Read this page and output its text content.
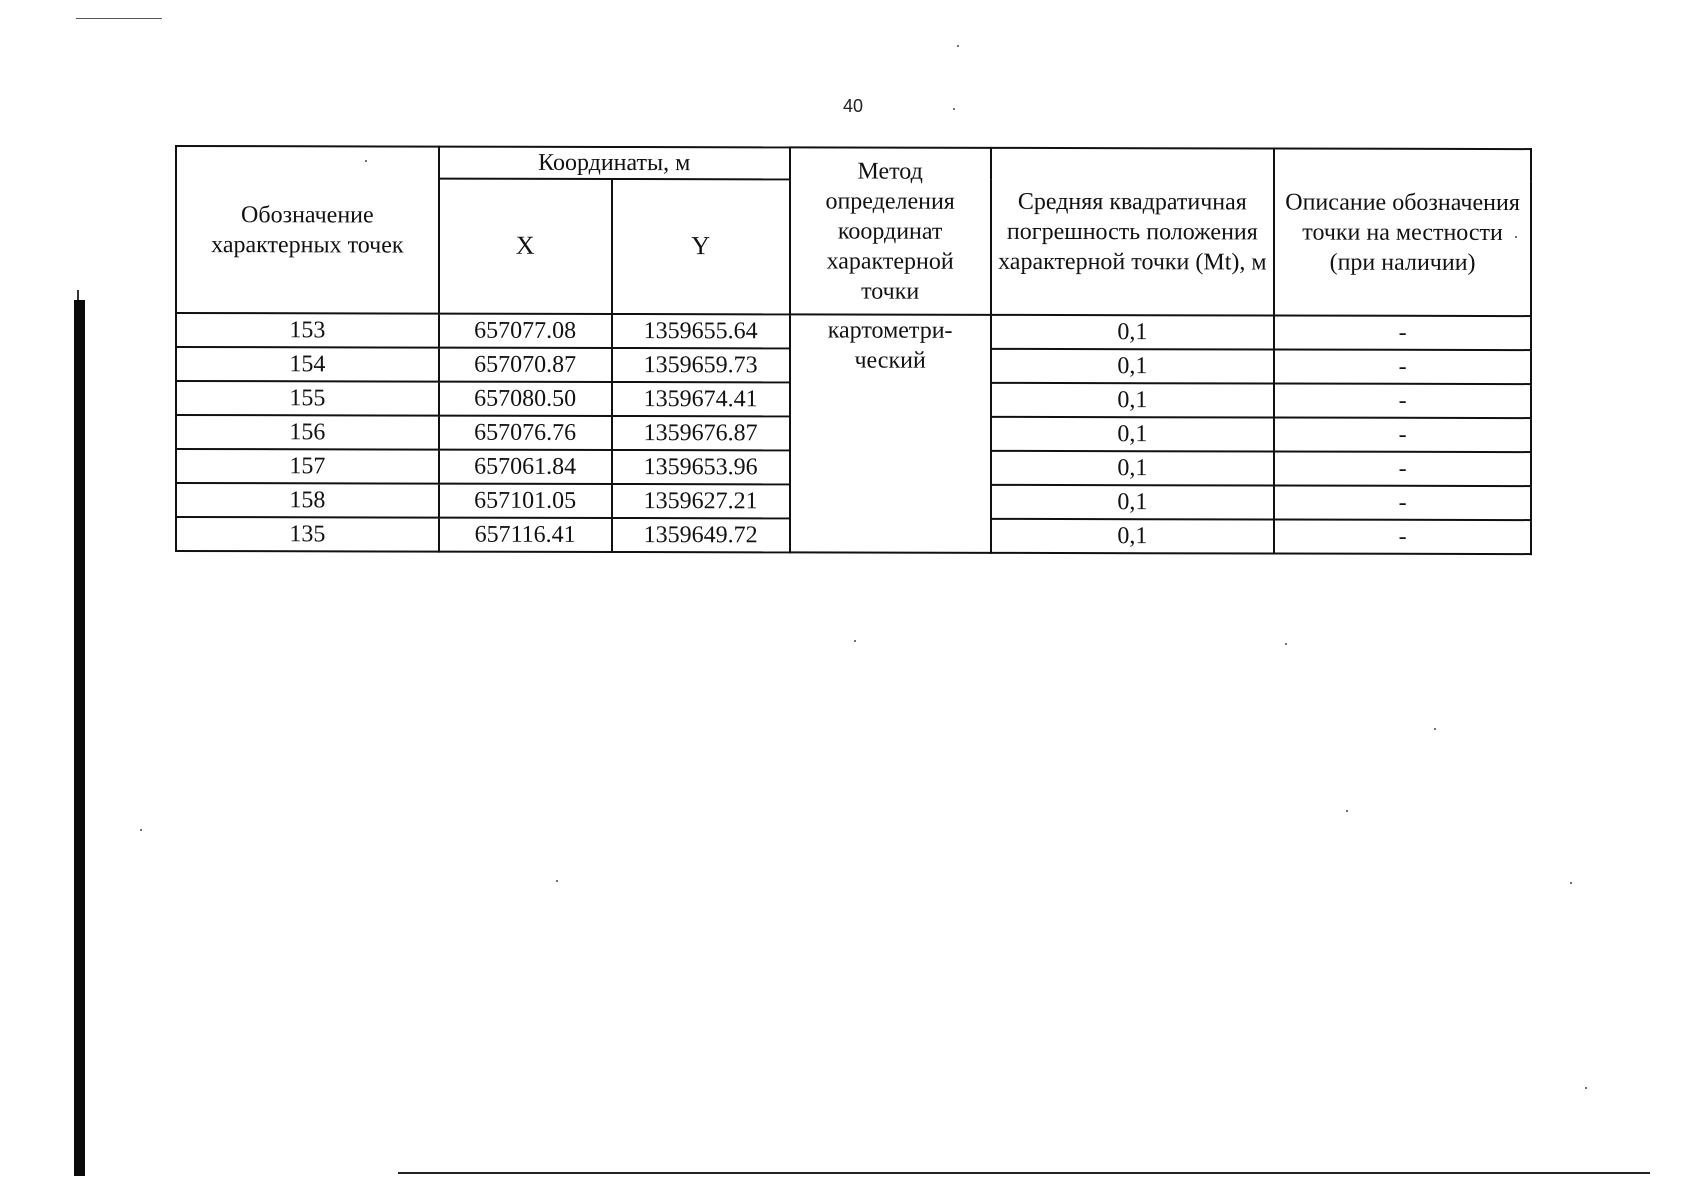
40
Обозначение характерных точек	Координаты, м		Метод определения координат характерной точки	Средняя квадратичная погрешность положения характерной точки (Mt), м	Описание обозначения точки на местности (при наличии)
	X	Y			
153	657077.08	1359655.64	картометри- ческий	0,1	-
154	657070.87	1359659.73		0,1	-
155	657080.50	1359674.41		0,1	-
156	657076.76	1359676.87		0,1	-
157	657061.84	1359653.96		0,1	-
158	657101.05	1359627.21		0,1	-
135	657116.41	1359649.72		0,1	-
